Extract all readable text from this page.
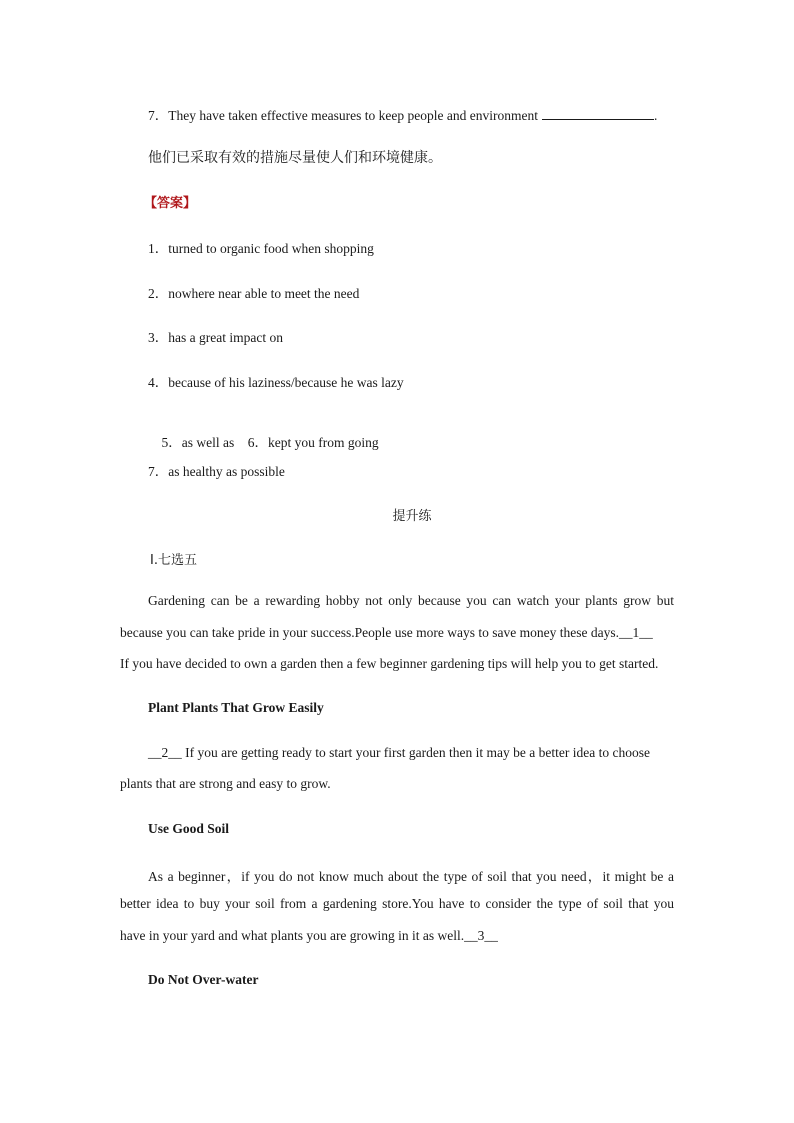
7．They have taken effective measures to keep people and environment	.
他们已采取有效的措施尽量使人们和环境健康。
【答案】
1．turned to organic food when shopping
2．nowhere near able to meet the need
3．has a great impact on
4．because of his laziness/because he was lazy

5．as well as    6．kept you from going

7．as healthy as possible
提升练
Ⅰ.七选五
Gardening can be a rewarding hobby not only because you can watch your plants grow but
because you can take pride in your success.People use more ways to save money these days.__1__
If you have decided to own a garden then a few beginner gardening tips will help you to get started.
Plant Plants That Grow Easily
__2__ If you are getting ready to start your first garden then it may be a better idea to choose
plants that are strong and easy to grow.
Use Good Soil
As a beginner，if you do not know much about the type of soil that you need，it might be a
better idea to buy your soil from a gardening store.You have to consider the type of soil that you
have in your yard and what plants you are growing in it as well.__3__
Do Not Over-water
